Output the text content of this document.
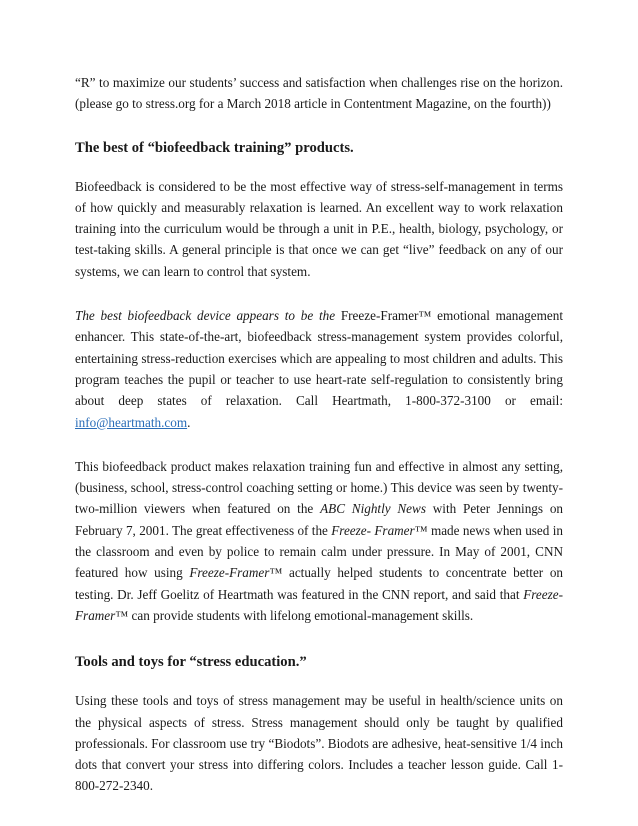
“R” to maximize our students’ success and satisfaction when challenges rise on the horizon. (please go to stress.org for a March 2018 article in Contentment Magazine, on the fourth))

The best of “biofeedback training” products.

Biofeedback is considered to be the most effective way of stress-self-management in terms of how quickly and measurably relaxation is learned. An excellent way to work relaxation training into the curriculum would be through a unit in P.E., health, biology, psychology, or test-taking skills. A general principle is that once we can get “live” feedback on any of our systems, we can learn to control that system.

The best biofeedback device appears to be the Freeze-Framer™ emotional management enhancer. This state-of-the-art, biofeedback stress-management system provides colorful, entertaining stress-reduction exercises which are appealing to most children and adults. This program teaches the pupil or teacher to use heart-rate self-regulation to consistently bring about deep states of relaxation. Call Heartmath, 1-800-372-3100 or email: info@heartmath.com.

This biofeedback product makes relaxation training fun and effective in almost any setting, (business, school, stress-control coaching setting or home.) This device was seen by twenty-two-million viewers when featured on the ABC Nightly News with Peter Jennings on February 7, 2001. The great effectiveness of the Freeze- Framer™ made news when used in the classroom and even by police to remain calm under pressure. In May of 2001, CNN featured how using Freeze-Framer™ actually helped students to concentrate better on testing. Dr. Jeff Goelitz of Heartmath was featured in the CNN report, and said that Freeze-Framer™ can provide students with lifelong emotional-management skills.

Tools and toys for “stress education.”

Using these tools and toys of stress management may be useful in health/science units on the physical aspects of stress. Stress management should only be taught by qualified professionals. For classroom use try “Biodots”. Biodots are adhesive, heat-sensitive 1/4 inch dots that convert your stress into differing colors. Includes a teacher lesson guide. Call 1-800-272-2340.
